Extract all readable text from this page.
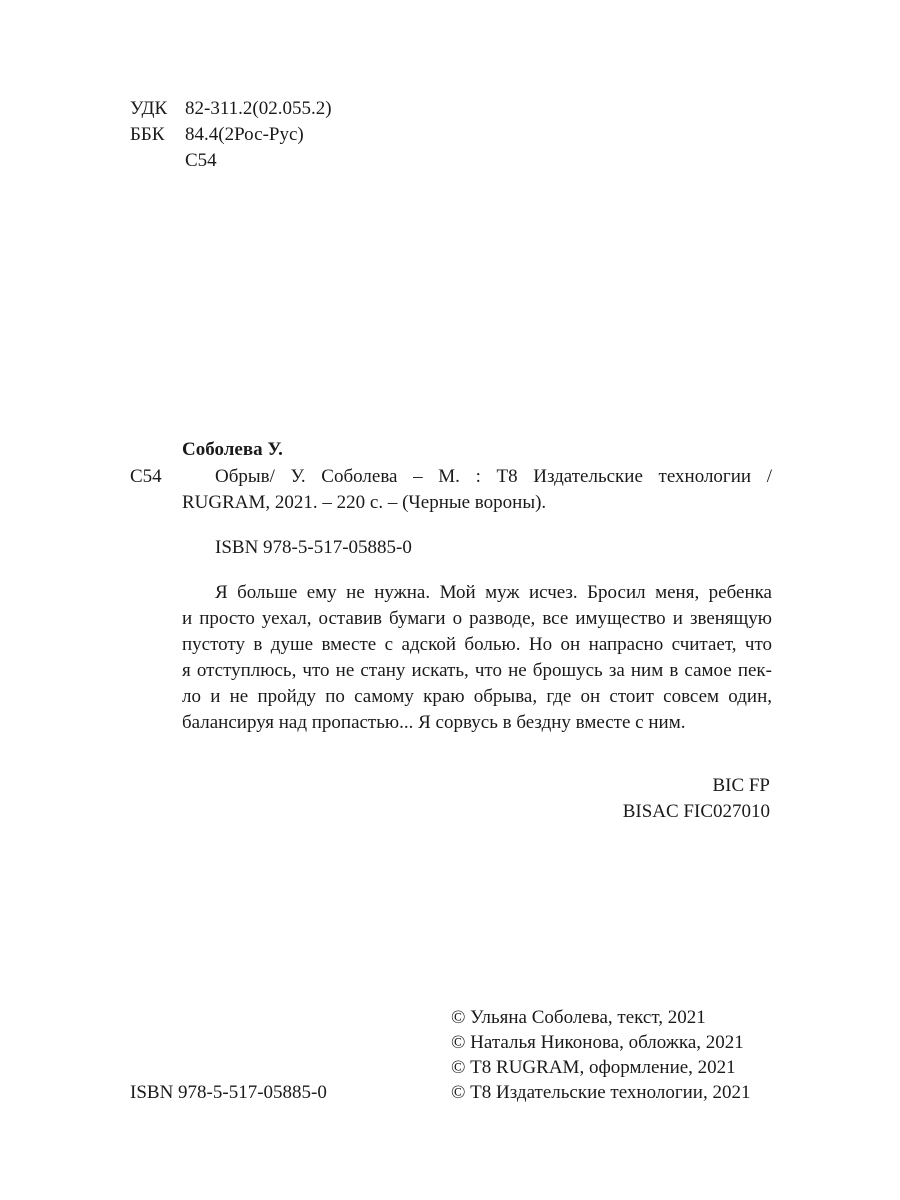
УДК 82-311.2(02.055.2)
ББК 84.4(2Рос-Рус)
С54
Соболева У.
С54	Обрыв/ У. Соболева – М. : Т8 Издательские технологии /
RUGRAM, 2021. – 220 с. – (Черные вороны).
ISBN 978-5-517-05885-0
Я больше ему не нужна. Мой муж исчез. Бросил меня, ребенка
и просто уехал, оставив бумаги о разводе, все имущество и звенящую
пустоту в душе вместе с адской болью. Но он напрасно считает, что
я отступлюсь, что не стану искать, что не брошусь за ним в самое пек-
ло и не пройду по самому краю обрыва, где он стоит совсем один,
балансируя над пропастью... Я сорвусь в бездну вместе с ним.
BIC FP
BISAC FIC027010
© Ульяна Соболева, текст, 2021
© Наталья Никонова, обложка, 2021
© Т8 RUGRAM, оформление, 2021
© Т8 Издательские технологии, 2021
ISBN 978-5-517-05885-0
